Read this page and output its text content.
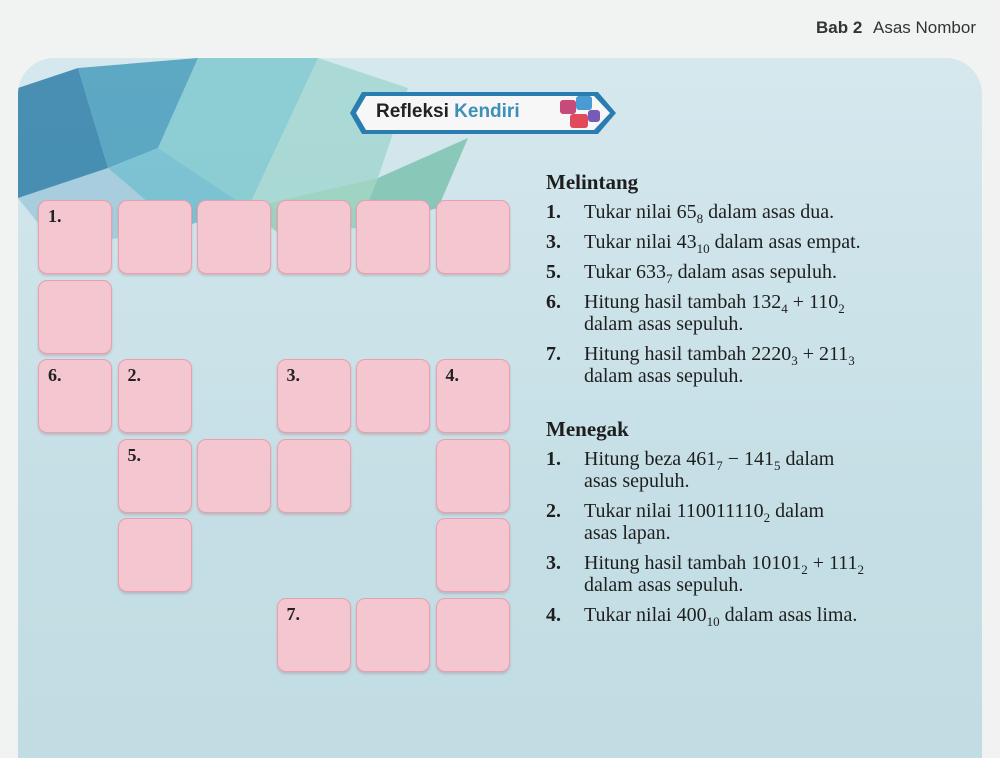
Bab 2 Asas Nombor
Refleksi Kendiri
1.
6.	2.	3.	4.
5.
7.
Melintang
1. Tukar nilai $65_8$ dalam asas dua.
3. Tukar nilai $43_{10}$ dalam asas empat.
5. Tukar $633_7$ dalam asas sepuluh.
6. Hitung hasil tambah $132_4 + 110_2$
dalam asas sepuluh.
7. Hitung hasil tambah $2220_3 + 211_3$
dalam asas sepuluh.
Menegak
1. Hitung beza $461_7 - 141_5$ dalam
asas sepuluh.
2. Tukar nilai $110011110_2$ dalam
asas lapan.
3. Hitung hasil tambah $10101_2 + 111_2$
dalam asas sepuluh.
4. Tukar nilai $400_{10}$ dalam asas lima.
